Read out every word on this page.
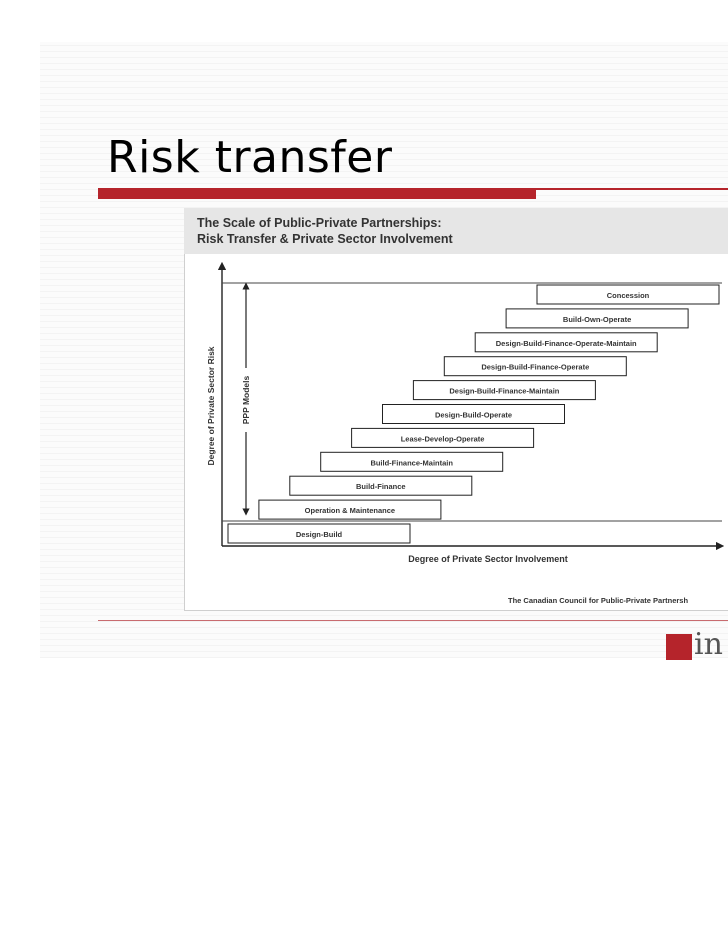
Risk transfer
The Scale of Public-Private Partnerships:
Risk Transfer & Private Sector Involvement
Degree of Private Sector Risk	PPP Models
Design-Build
Operation & Maintenance
Build-Finance
Build-Finance-Maintain
Lease-Develop-Operate
Design-Build-Operate
Design-Build-Finance-Maintain
Design-Build-Finance-Operate
Design-Build-Finance-Operate-Maintain
Build-Own-Operate
Concession
Degree of Private Sector Involvement
The Canadian Council for Public-Private Partnersh
in
